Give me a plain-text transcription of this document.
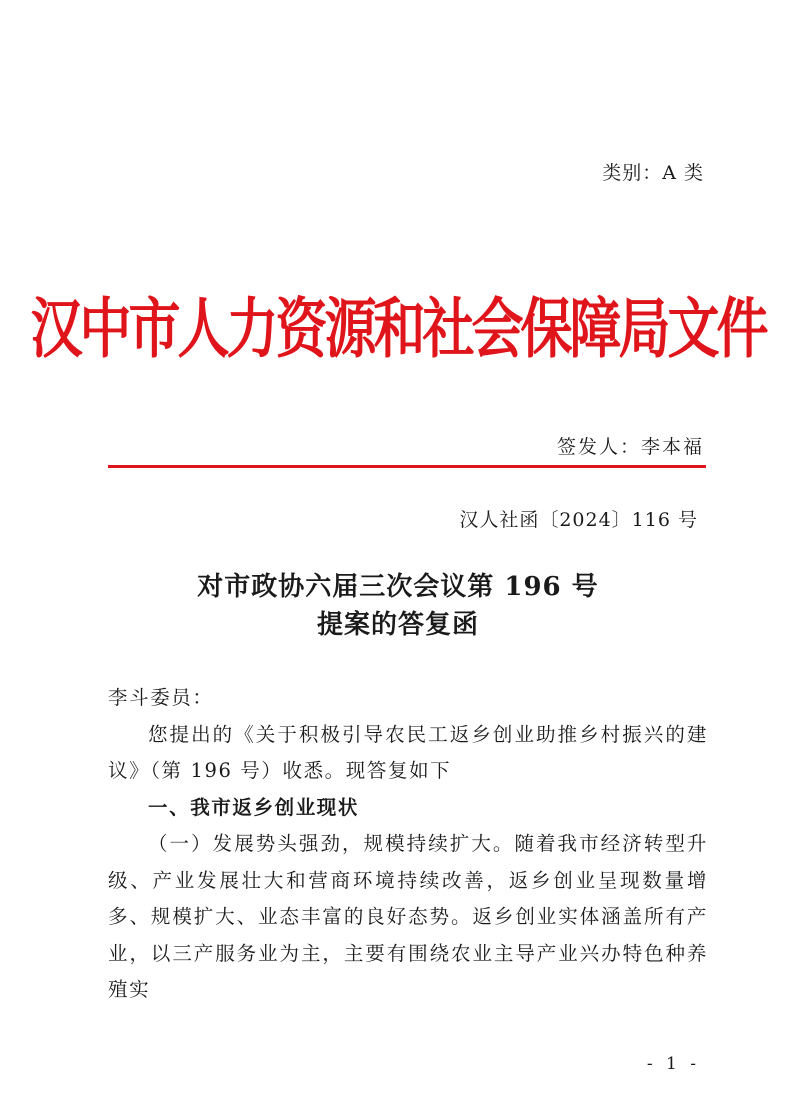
类别：A 类
汉中市人力资源和社会保障局文件
签发人：李本福
汉人社函〔2024〕116 号
对市政协六届三次会议第 196 号
提案的答复函

李斗委员：

您提出的《关于积极引导农民工返乡创业助推乡村振兴的建议》（第 196 号）收悉。现答复如下

一、我市返乡创业现状

（一）发展势头强劲，规模持续扩大。随着我市经济转型升级、产业发展壮大和营商环境持续改善，返乡创业呈现数量增多、规模扩大、业态丰富的良好态势。返乡创业实体涵盖所有产业，以三产服务业为主，主要有围绕农业主导产业兴办特色种养殖实

- 1 -
